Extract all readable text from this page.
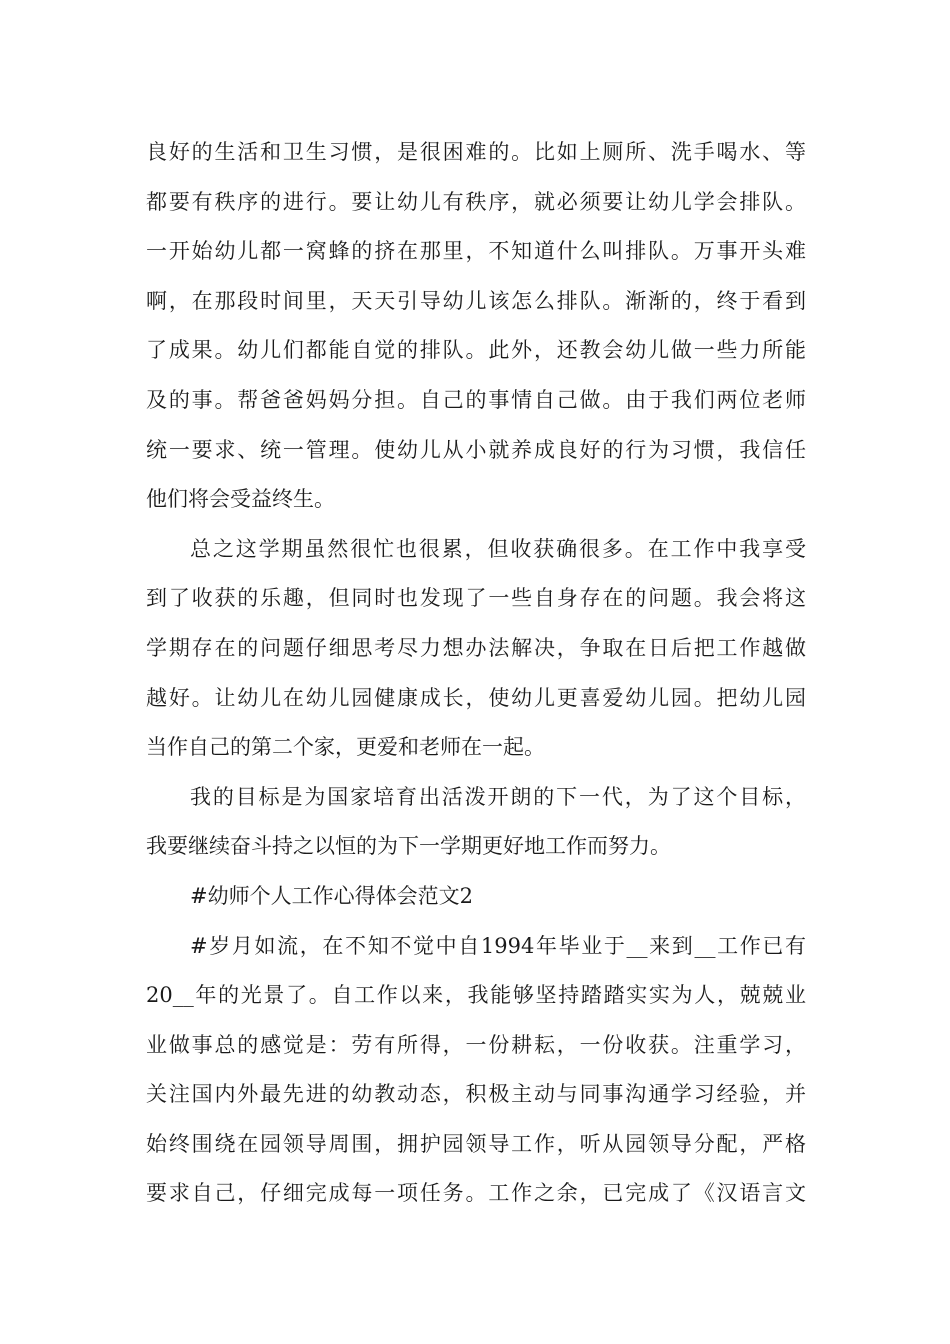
良好的生活和卫生习惯，是很困难的。比如上厕所、洗手喝水、等
都要有秩序的进行。要让幼儿有秩序，就必须要让幼儿学会排队。
一开始幼儿都一窝蜂的挤在那里，不知道什么叫排队。万事开头难
啊，在那段时间里，天天引导幼儿该怎么排队。渐渐的，终于看到
了成果。幼儿们都能自觉的排队。此外，还教会幼儿做一些力所能
及的事。帮爸爸妈妈分担。自己的事情自己做。由于我们两位老师
统一要求、统一管理。使幼儿从小就养成良好的行为习惯，我信任
他们将会受益终生。
总之这学期虽然很忙也很累，但收获确很多。在工作中我享受
到了收获的乐趣，但同时也发现了一些自身存在的问题。我会将这
学期存在的问题仔细思考尽力想办法解决，争取在日后把工作越做
越好。让幼儿在幼儿园健康成长，使幼儿更喜爱幼儿园。把幼儿园
当作自己的第二个家，更爱和老师在一起。
我的目标是为国家培育出活泼开朗的下一代，为了这个目标，
我要继续奋斗持之以恒的为下一学期更好地工作而努力。
#幼师个人工作心得体会范文2
#岁月如流，在不知不觉中自1994年毕业于__来到__工作已有
20__年的光景了。自工作以来，我能够坚持踏踏实实为人，兢兢业
业做事总的感觉是：劳有所得，一份耕耘，一份收获。注重学习，
关注国内外最先进的幼教动态，积极主动与同事沟通学习经验，并
始终围绕在园领导周围，拥护园领导工作，听从园领导分配，严格
要求自己，仔细完成每一项任务。工作之余，已完成了《汉语言文
